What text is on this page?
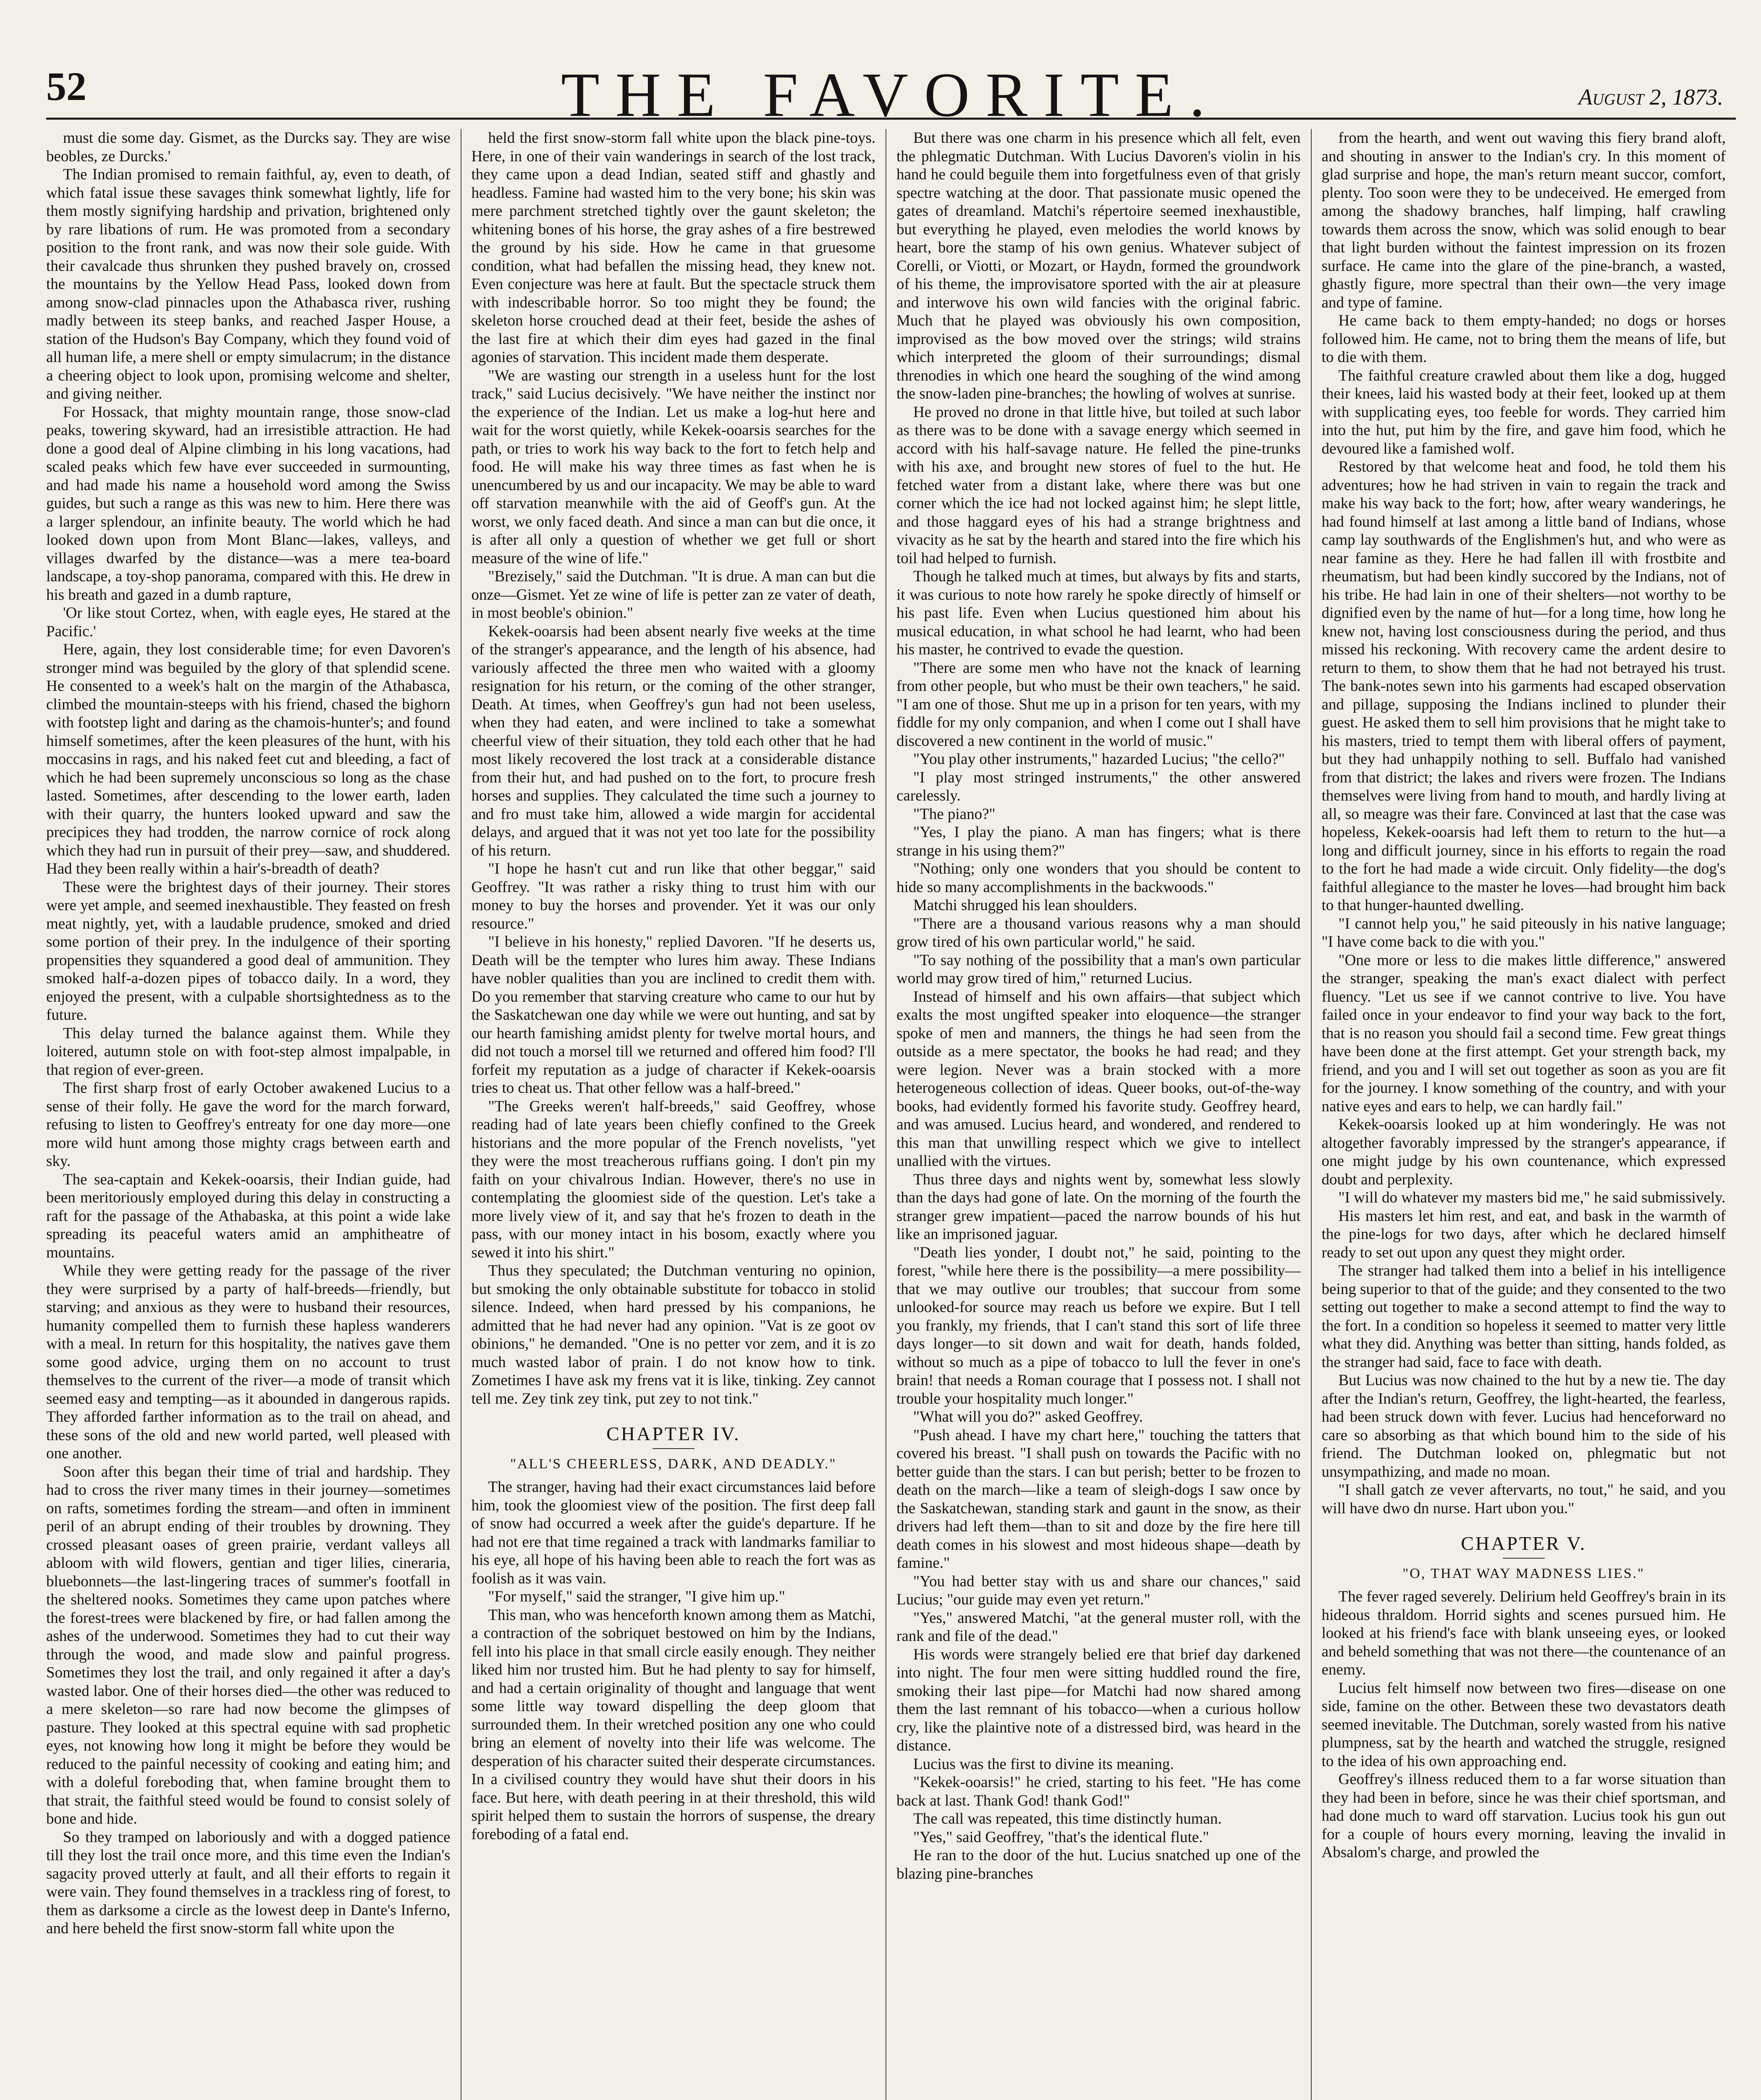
52	THE FAVORITE.	August 2, 1873.

must die some day. Gismet, as the Durcks say. They are wise beobles, ze Durcks.'

The Indian promised to remain faithful, ay, even to death, of which fatal issue these savages think somewhat lightly, life for them mostly signifying hardship and privation, brightened only by rare libations of rum. He was promoted from a secondary position to the front rank, and was now their sole guide. With their cavalcade thus shrunken they pushed bravely on, crossed the mountains by the Yellow Head Pass, looked down from among snow-clad pinnacles upon the Athabasca river, rushing madly between its steep banks, and reached Jasper House, a station of the Hudson's Bay Company, which they found void of all human life, a mere shell or empty simulacrum; in the distance a cheering object to look upon, promising welcome and shelter, and giving neither.

For Hossack, that mighty mountain range, those snow-clad peaks, towering skyward, had an irresistible attraction. He had done a good deal of Alpine climbing in his long vacations, had scaled peaks which few have ever succeeded in surmounting, and had made his name a household word among the Swiss guides, but such a range as this was new to him. Here there was a larger splendour, an infinite beauty. The world which he had looked down upon from Mont Blanc—lakes, valleys, and villages dwarfed by the distance—was a mere tea-board landscape, a toy-shop panorama, compared with this. He drew in his breath and gazed in a dumb rapture,

'Or like stout Cortez, when, with eagle eyes, He stared at the Pacific.'

Here, again, they lost considerable time; for even Davoren's stronger mind was beguiled by the glory of that splendid scene. He consented to a week's halt on the margin of the Athabasca, climbed the mountain-steeps with his friend, chased the bighorn with footstep light and daring as the chamois-hunter's; and found himself sometimes, after the keen pleasures of the hunt, with his moccasins in rags, and his naked feet cut and bleeding, a fact of which he had been supremely unconscious so long as the chase lasted. Sometimes, after descending to the lower earth, laden with their quarry, the hunters looked upward and saw the precipices they had trodden, the narrow cornice of rock along which they had run in pursuit of their prey—saw, and shuddered. Had they been really within a hair's-breadth of death?

These were the brightest days of their journey. Their stores were yet ample, and seemed inexhaustible. They feasted on fresh meat nightly, yet, with a laudable prudence, smoked and dried some portion of their prey. In the indulgence of their sporting propensities they squandered a good deal of ammunition. They smoked half-a-dozen pipes of tobacco daily. In a word, they enjoyed the present, with a culpable shortsightedness as to the future.

This delay turned the balance against them. While they loitered, autumn stole on with foot-step almost impalpable, in that region of ever-green.

The first sharp frost of early October awakened Lucius to a sense of their folly. He gave the word for the march forward, refusing to listen to Geoffrey's entreaty for one day more—one more wild hunt among those mighty crags between earth and sky.

The sea-captain and Kekek-ooarsis, their Indian guide, had been meritoriously employed during this delay in constructing a raft for the passage of the Athabaska, at this point a wide lake spreading its peaceful waters amid an amphitheatre of mountains.

While they were getting ready for the passage of the river they were surprised by a party of half-breeds—friendly, but starving; and anxious as they were to husband their resources, humanity compelled them to furnish these hapless wanderers with a meal. In return for this hospitality, the natives gave them some good advice, urging them on no account to trust themselves to the current of the river—a mode of transit which seemed easy and tempting—as it abounded in dangerous rapids. They afforded farther information as to the trail on ahead, and these sons of the old and new world parted, well pleased with one another.

Soon after this began their time of trial and hardship. They had to cross the river many times in their journey—sometimes on rafts, sometimes fording the stream—and often in imminent peril of an abrupt ending of their troubles by drowning. They crossed pleasant oases of green prairie, verdant valleys all abloom with wild flowers, gentian and tiger lilies, cineraria, bluebonnets—the last-lingering traces of summer's footfall in the sheltered nooks. Sometimes they came upon patches where the forest-trees were blackened by fire, or had fallen among the ashes of the underwood. Sometimes they had to cut their way through the wood, and made slow and painful progress. Sometimes they lost the trail, and only regained it after a day's wasted labor. One of their horses died—the other was reduced to a mere skeleton—so rare had now become the glimpses of pasture. They looked at this spectral equine with sad prophetic eyes, not knowing how long it might be before they would be reduced to the painful necessity of cooking and eating him; and with a doleful foreboding that, when famine brought them to that strait, the faithful steed would be found to consist solely of bone and hide.

So they tramped on laboriously and with a dogged patience till they lost the trail once more, and this time even the Indian's sagacity proved utterly at fault, and all their efforts to regain it were vain. They found themselves in a trackless ring of forest, to them as darksome a circle as the lowest deep in Dante's Inferno, and here beheld the first snow-storm fall white upon the

held the first snow-storm fall white upon the black pine-toys. Here, in one of their vain wanderings in search of the lost track, they came upon a dead Indian, seated stiff and ghastly and headless. Famine had wasted him to the very bone; his skin was mere parchment stretched tightly over the gaunt skeleton; the whitening bones of his horse, the gray ashes of a fire bestrewed the ground by his side. How he came in that gruesome condition, what had befallen the missing head, they knew not. Even conjecture was here at fault. But the spectacle struck them with indescribable horror. So too might they be found; the skeleton horse crouched dead at their feet, beside the ashes of the last fire at which their dim eyes had gazed in the final agonies of starvation. This incident made them desperate.

"We are wasting our strength in a useless hunt for the lost track," said Lucius decisively. "We have neither the instinct nor the experience of the Indian. Let us make a log-hut here and wait for the worst quietly, while Kekek-ooarsis searches for the path, or tries to work his way back to the fort to fetch help and food. He will make his way three times as fast when he is unencumbered by us and our incapacity. We may be able to ward off starvation meanwhile with the aid of Geoff's gun. At the worst, we only faced death. And since a man can but die once, it is after all only a question of whether we get full or short measure of the wine of life."

"Brezisely," said the Dutchman. "It is drue. A man can but die onze—Gismet. Yet ze wine of life is petter zan ze vater of death, in most beoble's obinion."

Kekek-ooarsis had been absent nearly five weeks at the time of the stranger's appearance, and the length of his absence, had variously affected the three men who waited with a gloomy resignation for his return, or the coming of the other stranger, Death. At times, when Geoffrey's gun had not been useless, when they had eaten, and were inclined to take a somewhat cheerful view of their situation, they told each other that he had most likely recovered the lost track at a considerable distance from their hut, and had pushed on to the fort, to procure fresh horses and supplies. They calculated the time such a journey to and fro must take him, allowed a wide margin for accidental delays, and argued that it was not yet too late for the possibility of his return.

"I hope he hasn't cut and run like that other beggar," said Geoffrey. "It was rather a risky thing to trust him with our money to buy the horses and provender. Yet it was our only resource."

"I believe in his honesty," replied Davoren. "If he deserts us, Death will be the tempter who lures him away. These Indians have nobler qualities than you are inclined to credit them with. Do you remember that starving creature who came to our hut by the Saskatchewan one day while we were out hunting, and sat by our hearth famishing amidst plenty for twelve mortal hours, and did not touch a morsel till we returned and offered him food? I'll forfeit my reputation as a judge of character if Kekek-ooarsis tries to cheat us. That other fellow was a half-breed."

"The Greeks weren't half-breeds," said Geoffrey, whose reading had of late years been chiefly confined to the Greek historians and the more popular of the French novelists, "yet they were the most treacherous ruffians going. I don't pin my faith on your chivalrous Indian. However, there's no use in contemplating the gloomiest side of the question. Let's take a more lively view of it, and say that he's frozen to death in the pass, with our money intact in his bosom, exactly where you sewed it into his shirt."

Thus they speculated; the Dutchman venturing no opinion, but smoking the only obtainable substitute for tobacco in stolid silence. Indeed, when hard pressed by his companions, he admitted that he had never had any opinion. "Vat is ze goot ov obinions," he demanded. "One is no petter vor zem, and it is zo much wasted labor of prain. I do not know how to tink. Zometimes I have ask my frens vat it is like, tinking. Zey cannot tell me. Zey tink zey tink, put zey to not tink."

CHAPTER IV.
"ALL'S CHEERLESS, DARK, AND DEADLY."

The stranger, having had their exact circumstances laid before him, took the gloomiest view of the position. The first deep fall of snow had occurred a week after the guide's departure. If he had not ere that time regained a track with landmarks familiar to his eye, all hope of his having been able to reach the fort was as foolish as it was vain.

"For myself," said the stranger, "I give him up."

This man, who was henceforth known among them as Matchi, a contraction of the sobriquet bestowed on him by the Indians, fell into his place in that small circle easily enough. They neither liked him nor trusted him. But he had plenty to say for himself, and had a certain originality of thought and language that went some little way toward dispelling the deep gloom that surrounded them. In their wretched position any one who could bring an element of novelty into their life was welcome. The desperation of his character suited their desperate circumstances. In a civilised country they would have shut their doors in his face. But here, with death peering in at their threshold, this wild spirit helped them to sustain the horrors of suspense, the dreary foreboding of a fatal end.

But there was one charm in his presence which all felt, even the phlegmatic Dutchman. With Lucius Davoren's violin in his hand he could beguile them into forgetfulness even of that grisly spectre watching at the door. That passionate music opened the gates of dreamland. Matchi's répertoire seemed inexhaustible, but everything he played, even melodies the world knows by heart, bore the stamp of his own genius. Whatever subject of Corelli, or Viotti, or Mozart, or Haydn, formed the groundwork of his theme, the improvisatore sported with the air at pleasure and interwove his own wild fancies with the original fabric. Much that he played was obviously his own composition, improvised as the bow moved over the strings; wild strains which interpreted the gloom of their surroundings; dismal threnodies in which one heard the soughing of the wind among the snow-laden pine-branches; the howling of wolves at sunrise.

He proved no drone in that little hive, but toiled at such labor as there was to be done with a savage energy which seemed in accord with his half-savage nature. He felled the pine-trunks with his axe, and brought new stores of fuel to the hut. He fetched water from a distant lake, where there was but one corner which the ice had not locked against him; he slept little, and those haggard eyes of his had a strange brightness and vivacity as he sat by the hearth and stared into the fire which his toil had helped to furnish.

Though he talked much at times, but always by fits and starts, it was curious to note how rarely he spoke directly of himself or his past life. Even when Lucius questioned him about his musical education, in what school he had learnt, who had been his master, he contrived to evade the question.

"There are some men who have not the knack of learning from other people, but who must be their own teachers," he said. "I am one of those. Shut me up in a prison for ten years, with my fiddle for my only companion, and when I come out I shall have discovered a new continent in the world of music."

"You play other instruments," hazarded Lucius; "the cello?"

"I play most stringed instruments," the other answered carelessly.

"The piano?"

"Yes, I play the piano. A man has fingers; what is there strange in his using them?"

"Nothing; only one wonders that you should be content to hide so many accomplishments in the backwoods."

Matchi shrugged his lean shoulders.

"There are a thousand various reasons why a man should grow tired of his own particular world," he said.

"To say nothing of the possibility that a man's own particular world may grow tired of him," returned Lucius.

Instead of himself and his own affairs—that subject which exalts the most ungifted speaker into eloquence—the stranger spoke of men and manners, the things he had seen from the outside as a mere spectator, the books he had read; and they were legion. Never was a brain stocked with a more heterogeneous collection of ideas. Queer books, out-of-the-way books, had evidently formed his favorite study. Geoffrey heard, and was amused. Lucius heard, and wondered, and rendered to this man that unwilling respect which we give to intellect unallied with the virtues.

Thus three days and nights went by, somewhat less slowly than the days had gone of late. On the morning of the fourth the stranger grew impatient—paced the narrow bounds of his hut like an imprisoned jaguar.

"Death lies yonder, I doubt not," he said, pointing to the forest, "while here there is the possibility—a mere possibility—that we may outlive our troubles; that succour from some unlooked-for source may reach us before we expire. But I tell you frankly, my friends, that I can't stand this sort of life three days longer—to sit down and wait for death, hands folded, without so much as a pipe of tobacco to lull the fever in one's brain! that needs a Roman courage that I possess not. I shall not trouble your hospitality much longer."

"What will you do?" asked Geoffrey.

"Push ahead. I have my chart here," touching the tatters that covered his breast. "I shall push on towards the Pacific with no better guide than the stars. I can but perish; better to be frozen to death on the march—like a team of sleigh-dogs I saw once by the Saskatchewan, standing stark and gaunt in the snow, as their drivers had left them—than to sit and doze by the fire here till death comes in his slowest and most hideous shape—death by famine."

"You had better stay with us and share our chances," said Lucius; "our guide may even yet return."

"Yes," answered Matchi, "at the general muster roll, with the rank and file of the dead."

His words were strangely belied ere that brief day darkened into night. The four men were sitting huddled round the fire, smoking their last pipe—for Matchi had now shared among them the last remnant of his tobacco—when a curious hollow cry, like the plaintive note of a distressed bird, was heard in the distance.

Lucius was the first to divine its meaning.

"Kekek-ooarsis!" he cried, starting to his feet. "He has come back at last. Thank God! thank God!"

The call was repeated, this time distinctly human.

"Yes," said Geoffrey, "that's the identical flute."

He ran to the door of the hut. Lucius snatched up one of the blazing pine-branches

from the hearth, and went out waving this fiery brand aloft, and shouting in answer to the Indian's cry. In this moment of glad surprise and hope, the man's return meant succor, comfort, plenty. Too soon were they to be undeceived. He emerged from among the shadowy branches, half limping, half crawling towards them across the snow, which was solid enough to bear that light burden without the faintest impression on its frozen surface. He came into the glare of the pine-branch, a wasted, ghastly figure, more spectral than their own—the very image and type of famine.

He came back to them empty-handed; no dogs or horses followed him. He came, not to bring them the means of life, but to die with them.

The faithful creature crawled about them like a dog, hugged their knees, laid his wasted body at their feet, looked up at them with supplicating eyes, too feeble for words. They carried him into the hut, put him by the fire, and gave him food, which he devoured like a famished wolf.

Restored by that welcome heat and food, he told them his adventures; how he had striven in vain to regain the track and make his way back to the fort; how, after weary wanderings, he had found himself at last among a little band of Indians, whose camp lay southwards of the Englishmen's hut, and who were as near famine as they. Here he had fallen ill with frostbite and rheumatism, but had been kindly succored by the Indians, not of his tribe. He had lain in one of their shelters—not worthy to be dignified even by the name of hut—for a long time, how long he knew not, having lost consciousness during the period, and thus missed his reckoning. With recovery came the ardent desire to return to them, to show them that he had not betrayed his trust. The bank-notes sewn into his garments had escaped observation and pillage, supposing the Indians inclined to plunder their guest. He asked them to sell him provisions that he might take to his masters, tried to tempt them with liberal offers of payment, but they had unhappily nothing to sell. Buffalo had vanished from that district; the lakes and rivers were frozen. The Indians themselves were living from hand to mouth, and hardly living at all, so meagre was their fare. Convinced at last that the case was hopeless, Kekek-ooarsis had left them to return to the hut—a long and difficult journey, since in his efforts to regain the road to the fort he had made a wide circuit. Only fidelity—the dog's faithful allegiance to the master he loves—had brought him back to that hunger-haunted dwelling.

"I cannot help you," he said piteously in his native language; "I have come back to die with you."

"One more or less to die makes little difference," answered the stranger, speaking the man's exact dialect with perfect fluency. "Let us see if we cannot contrive to live. You have failed once in your endeavor to find your way back to the fort, that is no reason you should fail a second time. Few great things have been done at the first attempt. Get your strength back, my friend, and you and I will set out together as soon as you are fit for the journey. I know something of the country, and with your native eyes and ears to help, we can hardly fail."

Kekek-ooarsis looked up at him wonderingly. He was not altogether favorably impressed by the stranger's appearance, if one might judge by his own countenance, which expressed doubt and perplexity.

"I will do whatever my masters bid me," he said submissively.

His masters let him rest, and eat, and bask in the warmth of the pine-logs for two days, after which he declared himself ready to set out upon any quest they might order.

The stranger had talked them into a belief in his intelligence being superior to that of the guide; and they consented to the two setting out together to make a second attempt to find the way to the fort. In a condition so hopeless it seemed to matter very little what they did. Anything was better than sitting, hands folded, as the stranger had said, face to face with death.

But Lucius was now chained to the hut by a new tie. The day after the Indian's return, Geoffrey, the light-hearted, the fearless, had been struck down with fever. Lucius had henceforward no care so absorbing as that which bound him to the side of his friend. The Dutchman looked on, phlegmatic but not unsympathizing, and made no moan.

"I shall gatch ze vever aftervarts, no tout," he said, and you will have dwo dn nurse. Hart ubon you."

CHAPTER V.
"O, THAT WAY MADNESS LIES."

The fever raged severely. Delirium held Geoffrey's brain in its hideous thraldom. Horrid sights and scenes pursued him. He looked at his friend's face with blank unseeing eyes, or looked and beheld something that was not there—the countenance of an enemy.

Lucius felt himself now between two fires—disease on one side, famine on the other. Between these two devastators death seemed inevitable. The Dutchman, sorely wasted from his native plumpness, sat by the hearth and watched the struggle, resigned to the idea of his own approaching end.

Geoffrey's illness reduced them to a far worse situation than they had been in before, since he was their chief sportsman, and had done much to ward off starvation. Lucius took his gun out for a couple of hours every morning, leaving the invalid in Absalom's charge, and prowled the
